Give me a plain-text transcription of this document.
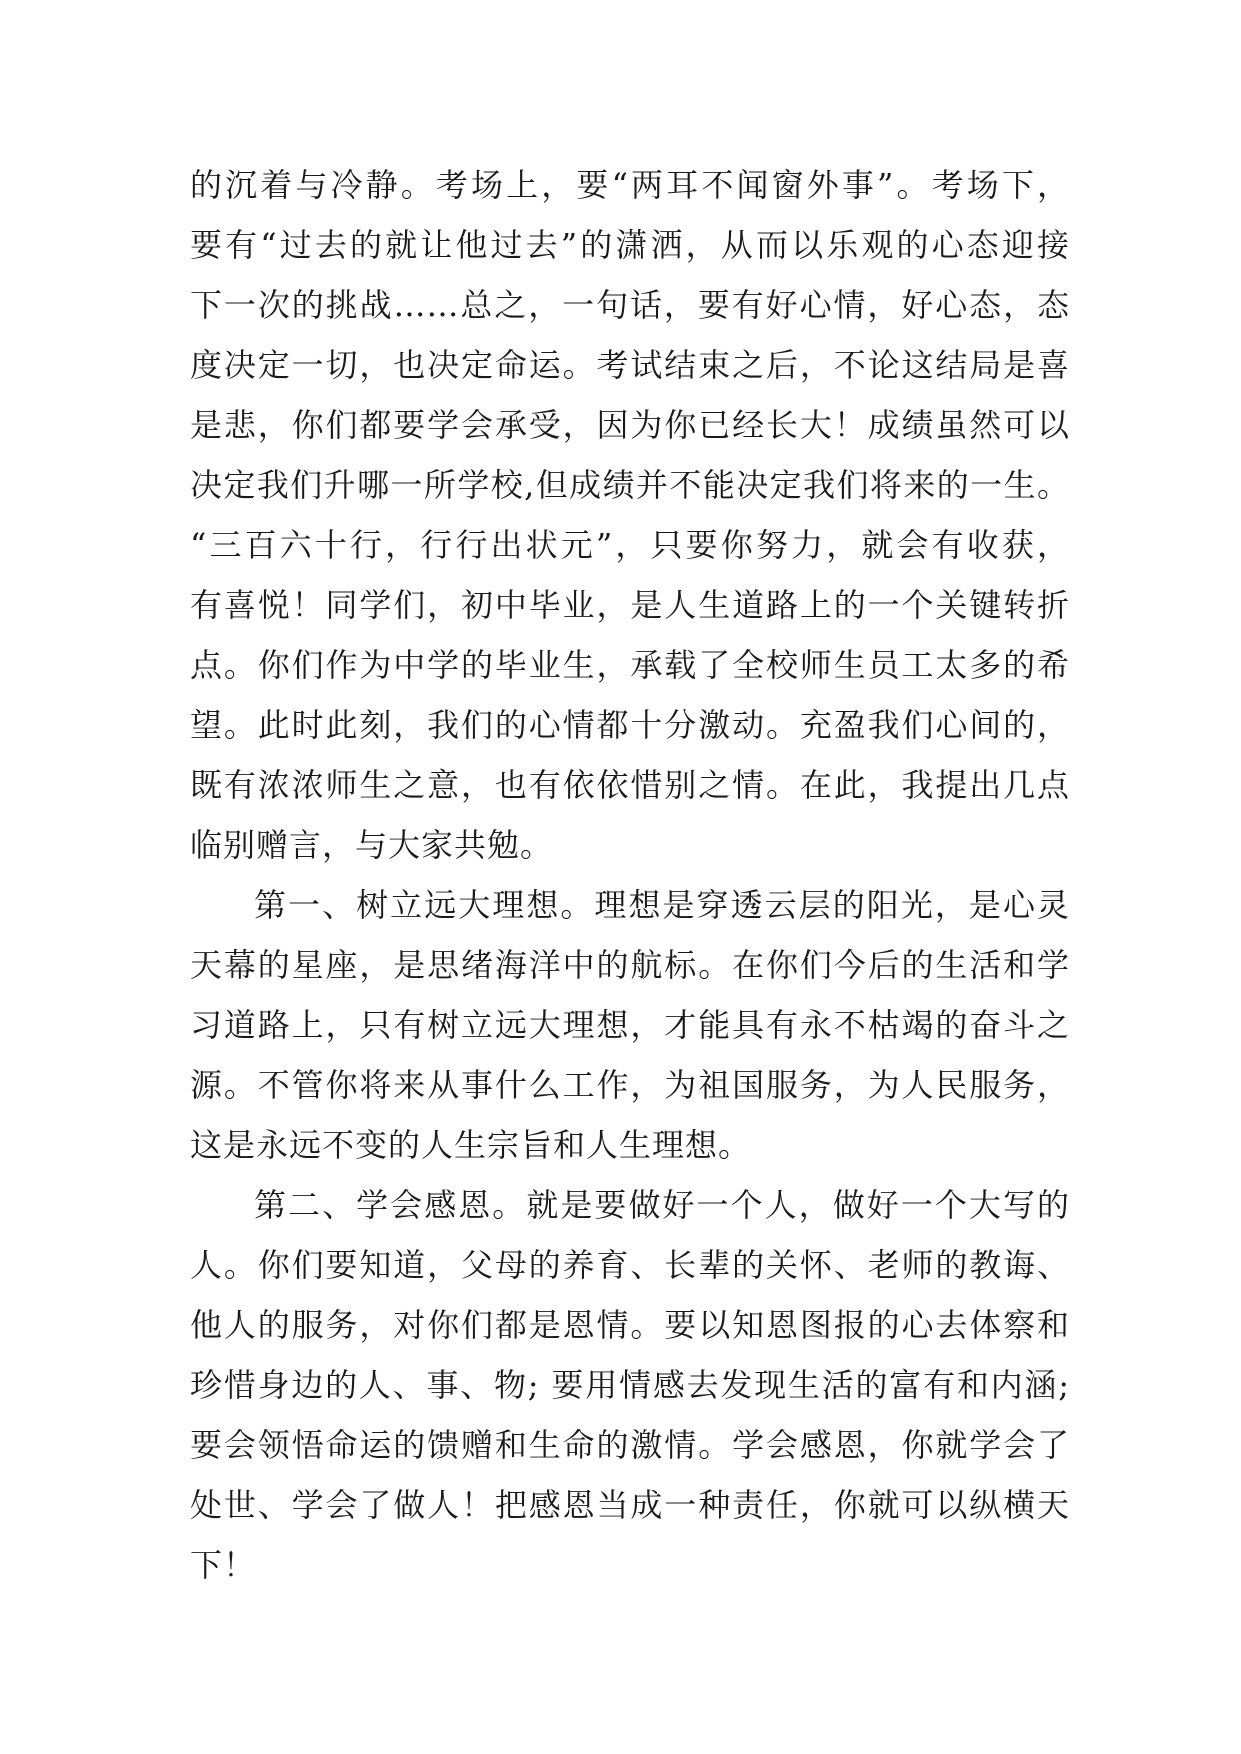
的沉着与冷静。考场上，要“两耳不闻窗外事”。考场下，
要有“过去的就让他过去”的潇洒，从而以乐观的心态迎接
下一次的挑战……总之，一句话，要有好心情，好心态，态
度决定一切，也决定命运。考试结束之后，不论这结局是喜
是悲，你们都要学会承受，因为你已经长大！成绩虽然可以
决定我们升哪一所学校,但成绩并不能决定我们将来的一生。
“三百六十行，行行出状元”，只要你努力，就会有收获，
有喜悦！同学们，初中毕业，是人生道路上的一个关键转折
点。你们作为中学的毕业生，承载了全校师生员工太多的希
望。此时此刻，我们的心情都十分激动。充盈我们心间的，
既有浓浓师生之意，也有依依惜别之情。在此，我提出几点
临别赠言，与大家共勉。
第一、树立远大理想。理想是穿透云层的阳光，是心灵
天幕的星座，是思绪海洋中的航标。在你们今后的生活和学
习道路上，只有树立远大理想，才能具有永不枯竭的奋斗之
源。不管你将来从事什么工作，为祖国服务，为人民服务，
这是永远不变的人生宗旨和人生理想。
第二、学会感恩。就是要做好一个人，做好一个大写的
人。你们要知道，父母的养育、长辈的关怀、老师的教诲、
他人的服务，对你们都是恩情。要以知恩图报的心去体察和
珍惜身边的人、事、物; 要用情感去发现生活的富有和内涵;
要会领悟命运的馈赠和生命的激情。学会感恩，你就学会了
处世、学会了做人！把感恩当成一种责任，你就可以纵横天
下！
